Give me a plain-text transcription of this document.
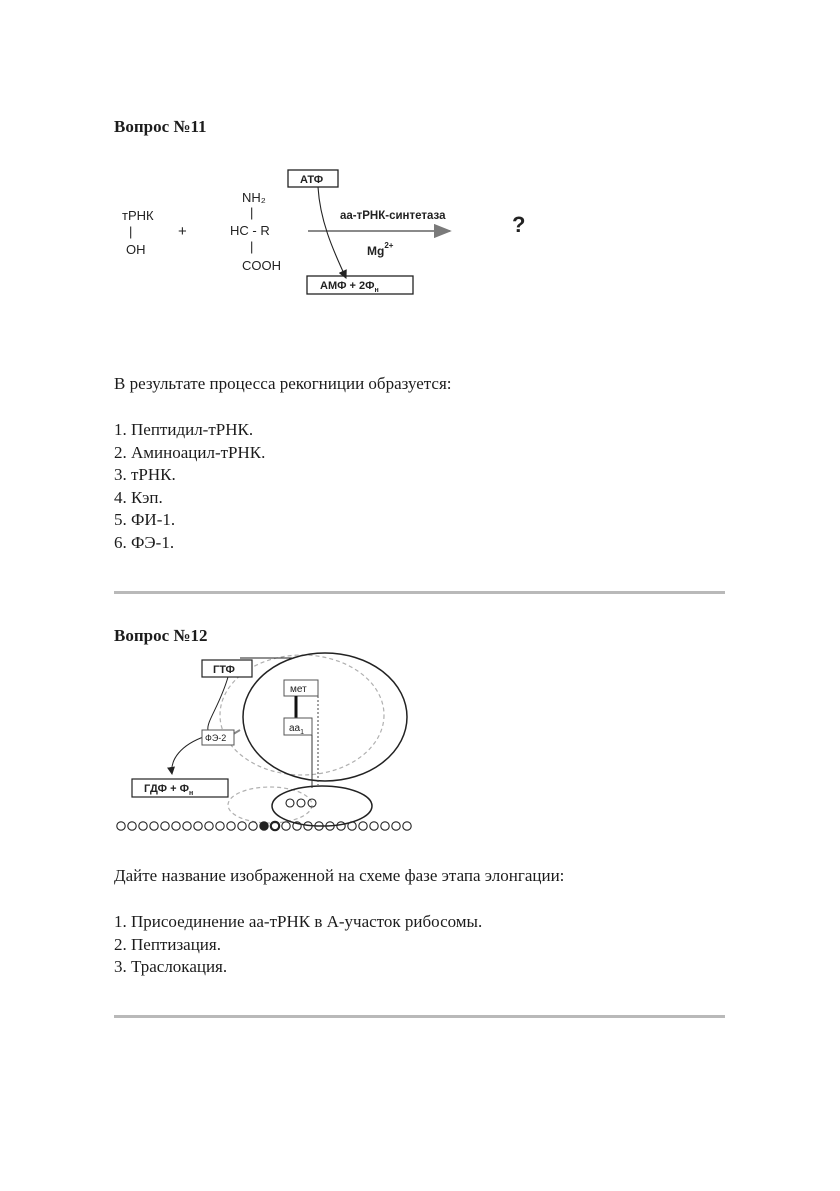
Вопрос №11
тРНК
|
OH
+
NH₂
|
HC - R
|
COOH
АТФ
аа-тРНК-синтетаза
$Mg^{2+}$
АМФ + $2Ф_н$
?
В результате процесса рекогниции образуется:
1. Пептидил-тРНК.
2. Аминоацил-тРНК.
3. тРНК.
4. Кэп.
5. ФИ-1.
6. ФЭ-1.
Вопрос №12
ГТФ
мет
$аа_1$
ФЭ-2
ГДФ + $Ф_н$
Дайте название изображенной на схеме фазе этапа элонгации:
1. Присоединение аа-тРНК в А-участок рибосомы.
2. Пептизация.
3. Траслокация.
